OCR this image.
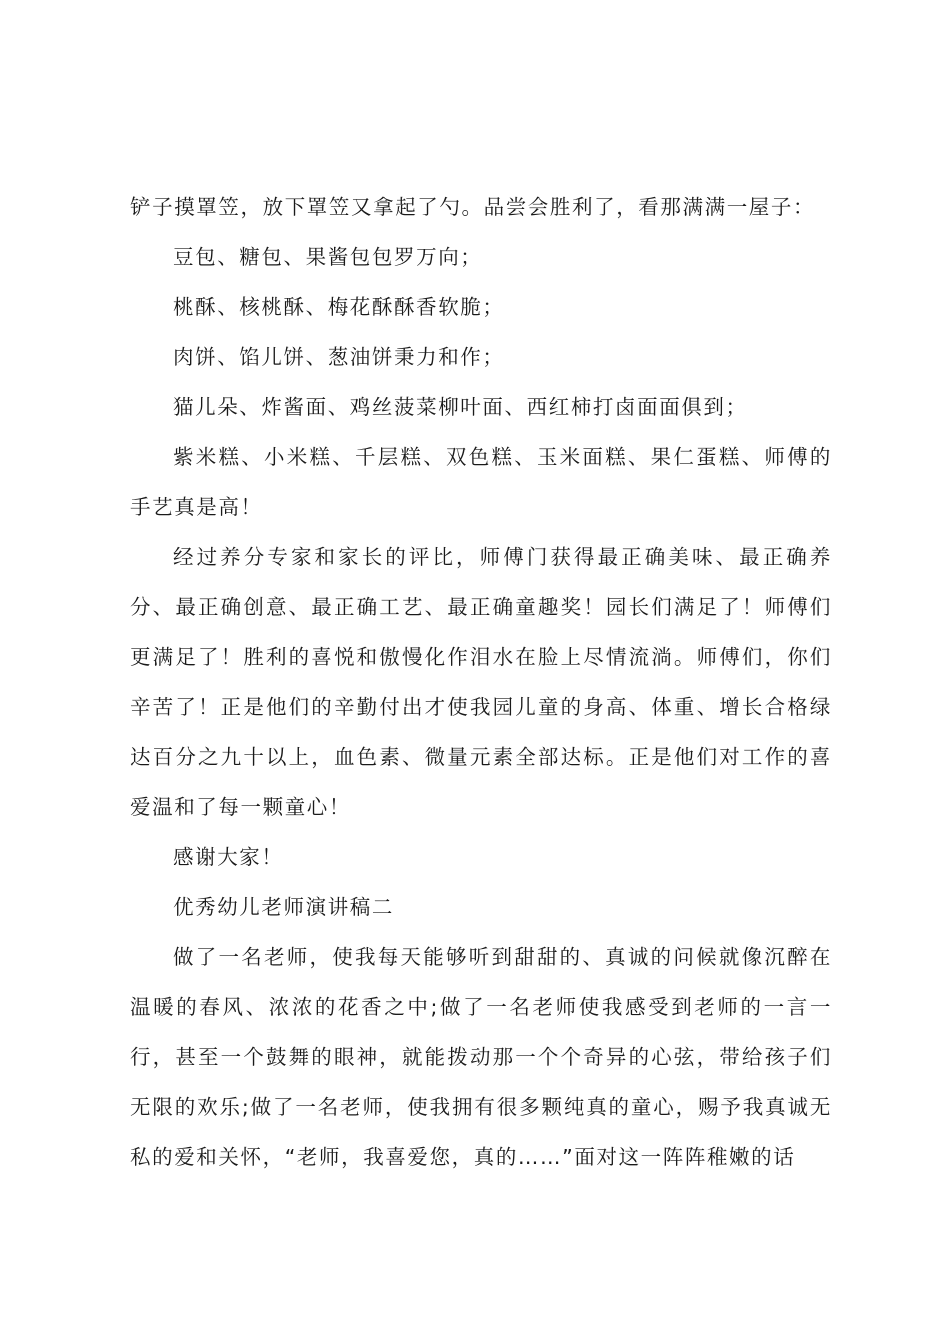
铲子摸罩笠，放下罩笠又拿起了勺。品尝会胜利了，看那满满一屋子：

豆包、糖包、果酱包包罗万向；

桃酥、核桃酥、梅花酥酥香软脆；

肉饼、馅儿饼、葱油饼秉力和作；

猫儿朵、炸酱面、鸡丝菠菜柳叶面、西红柿打卤面面俱到；

紫米糕、小米糕、千层糕、双色糕、玉米面糕、果仁蛋糕、师傅的手艺真是高！

经过养分专家和家长的评比，师傅门获得最正确美味、最正确养分、最正确创意、最正确工艺、最正确童趣奖！园长们满足了！师傅们更满足了！胜利的喜悦和傲慢化作泪水在脸上尽情流淌。师傅们，你们辛苦了！正是他们的辛勤付出才使我园儿童的身高、体重、增长合格绿达百分之九十以上，血色素、微量元素全部达标。正是他们对工作的喜爱温和了每一颗童心！

感谢大家！

优秀幼儿老师演讲稿二

做了一名老师，使我每天能够听到甜甜的、真诚的问候就像沉醉在温暖的春风、浓浓的花香之中;做了一名老师使我感受到老师的一言一行，甚至一个鼓舞的眼神，就能拨动那一个个奇异的心弦，带给孩子们无限的欢乐;做了一名老师，使我拥有很多颗纯真的童心，赐予我真诚无私的爱和关怀，“老师，我喜爱您，真的……”面对这一阵阵稚嫩的话
